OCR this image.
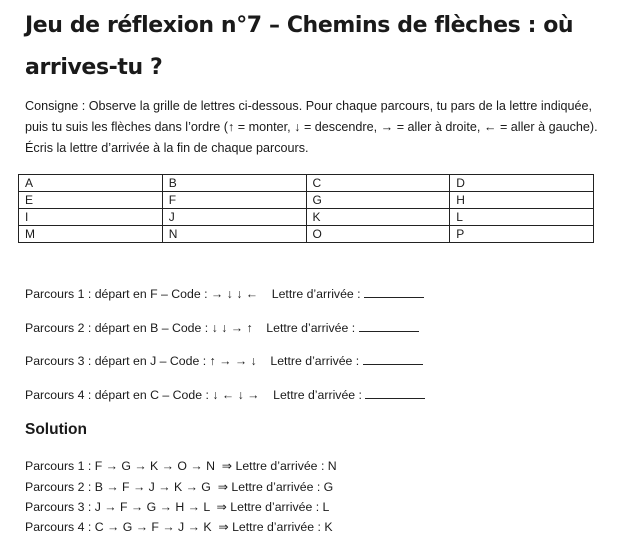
Jeu de réflexion n°7 – Chemins de flèches : où arrives-tu ?

Consigne : Observe la grille de lettres ci-dessous. Pour chaque parcours, tu pars de la lettre indiquée, puis tu suis les flèches dans l’ordre (↑ = monter, ↓ = descendre, → = aller à droite, ← = aller à gauche). Écris la lettre d’arrivée à la fin de chaque parcours.

A	B	C	D
E	F	G	H
I	J	K	L
M	N	O	P
Parcours 1 : départ en F – Code : → ↓ ↓ ← Lettre d’arrivée :
Parcours 2 : départ en B – Code : ↓ ↓ → ↑ Lettre d’arrivée :
Parcours 3 : départ en J – Code : ↑ → → ↓ Lettre d’arrivée :
Parcours 4 : départ en C – Code : ↓ ← ↓ → Lettre d’arrivée :
Solution
Parcours 1 : F → G → K → O → N  ⇒ Lettre d’arrivée : N
Parcours 2 : B → F → J → K → G  ⇒ Lettre d’arrivée : G
Parcours 3 : J → F → G → H → L  ⇒ Lettre d’arrivée : L
Parcours 4 : C → G → F → J → K  ⇒ Lettre d’arrivée : K
